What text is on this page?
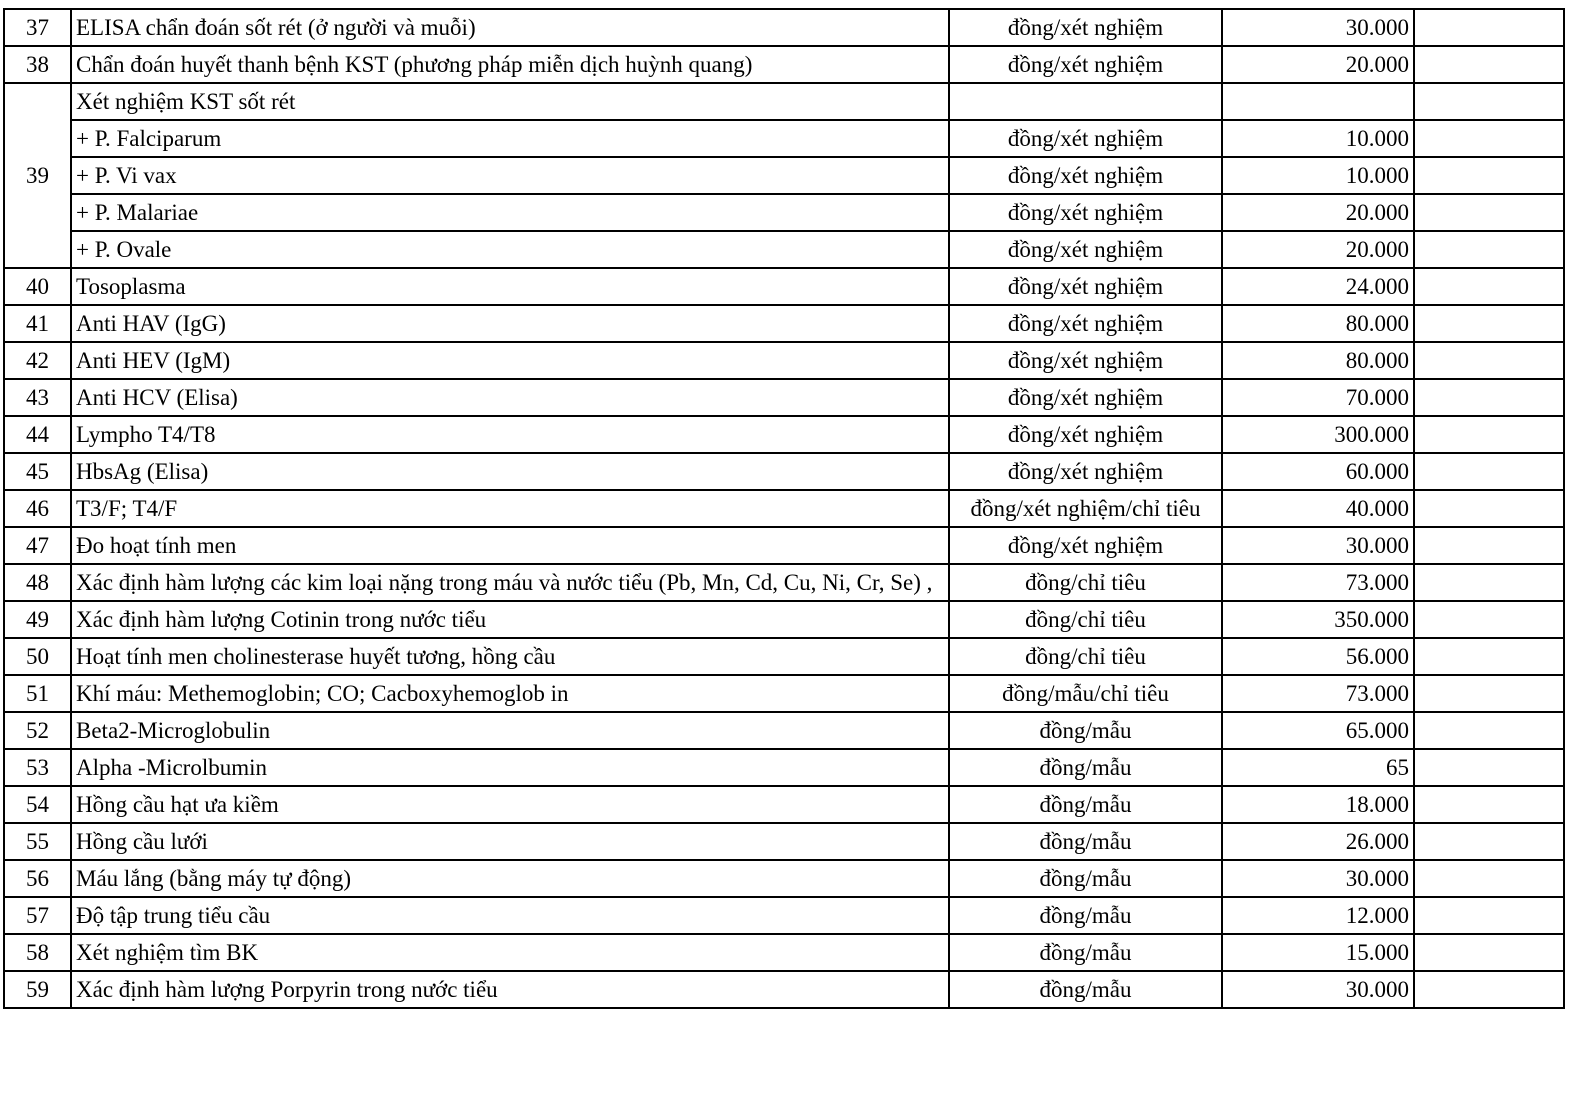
37	ELISA chẩn đoán sốt rét (ở người và muỗi)	đồng/xét nghiệm	30.000	
38	Chẩn đoán huyết thanh bệnh KST (phương pháp miễn dịch huỳnh quang)	đồng/xét nghiệm	20.000	
39	Xét nghiệm KST sốt rét			
	+ P. Falciparum	đồng/xét nghiệm	10.000	
	+ P. Vi vax	đồng/xét nghiệm	10.000	
	+ P. Malariae	đồng/xét nghiệm	20.000	
	+ P. Ovale	đồng/xét nghiệm	20.000	
40	Tosoplasma	đồng/xét nghiệm	24.000	
41	Anti HAV (IgG)	đồng/xét nghiệm	80.000	
42	Anti HEV (IgM)	đồng/xét nghiệm	80.000	
43	Anti HCV (Elisa)	đồng/xét nghiệm	70.000	
44	Lympho T4/T8	đồng/xét nghiệm	300.000	
45	HbsAg (Elisa)	đồng/xét nghiệm	60.000	
46	T3/F; T4/F	đồng/xét nghiệm/chỉ tiêu	40.000	
47	Đo hoạt tính men	đồng/xét nghiệm	30.000	
48	Xác định hàm lượng các kim loại nặng trong máu và nước tiểu (Pb, Mn, Cd, Cu, Ni, Cr, Se) ,	đồng/chỉ tiêu	73.000	
49	Xác định hàm lượng Cotinin trong nước tiểu	đồng/chỉ tiêu	350.000	
50	Hoạt tính men cholinesterase huyết tương, hồng cầu	đồng/chỉ tiêu	56.000	
51	Khí máu: Methemoglobin; CO; Cacboxyhemoglob in	đồng/mẫu/chỉ tiêu	73.000	
52	Beta2-Microglobulin	đồng/mẫu	65.000	
53	Alpha -Microlbumin	đồng/mẫu	65	
54	Hồng cầu hạt ưa kiềm	đồng/mẫu	18.000	
55	Hồng cầu lưới	đồng/mẫu	26.000	
56	Máu lắng (bằng máy tự động)	đồng/mẫu	30.000	
57	Độ tập trung tiểu cầu	đồng/mẫu	12.000	
58	Xét nghiệm tìm BK	đồng/mẫu	15.000	
59	Xác định hàm lượng Porpyrin trong nước tiểu	đồng/mẫu	30.000	
